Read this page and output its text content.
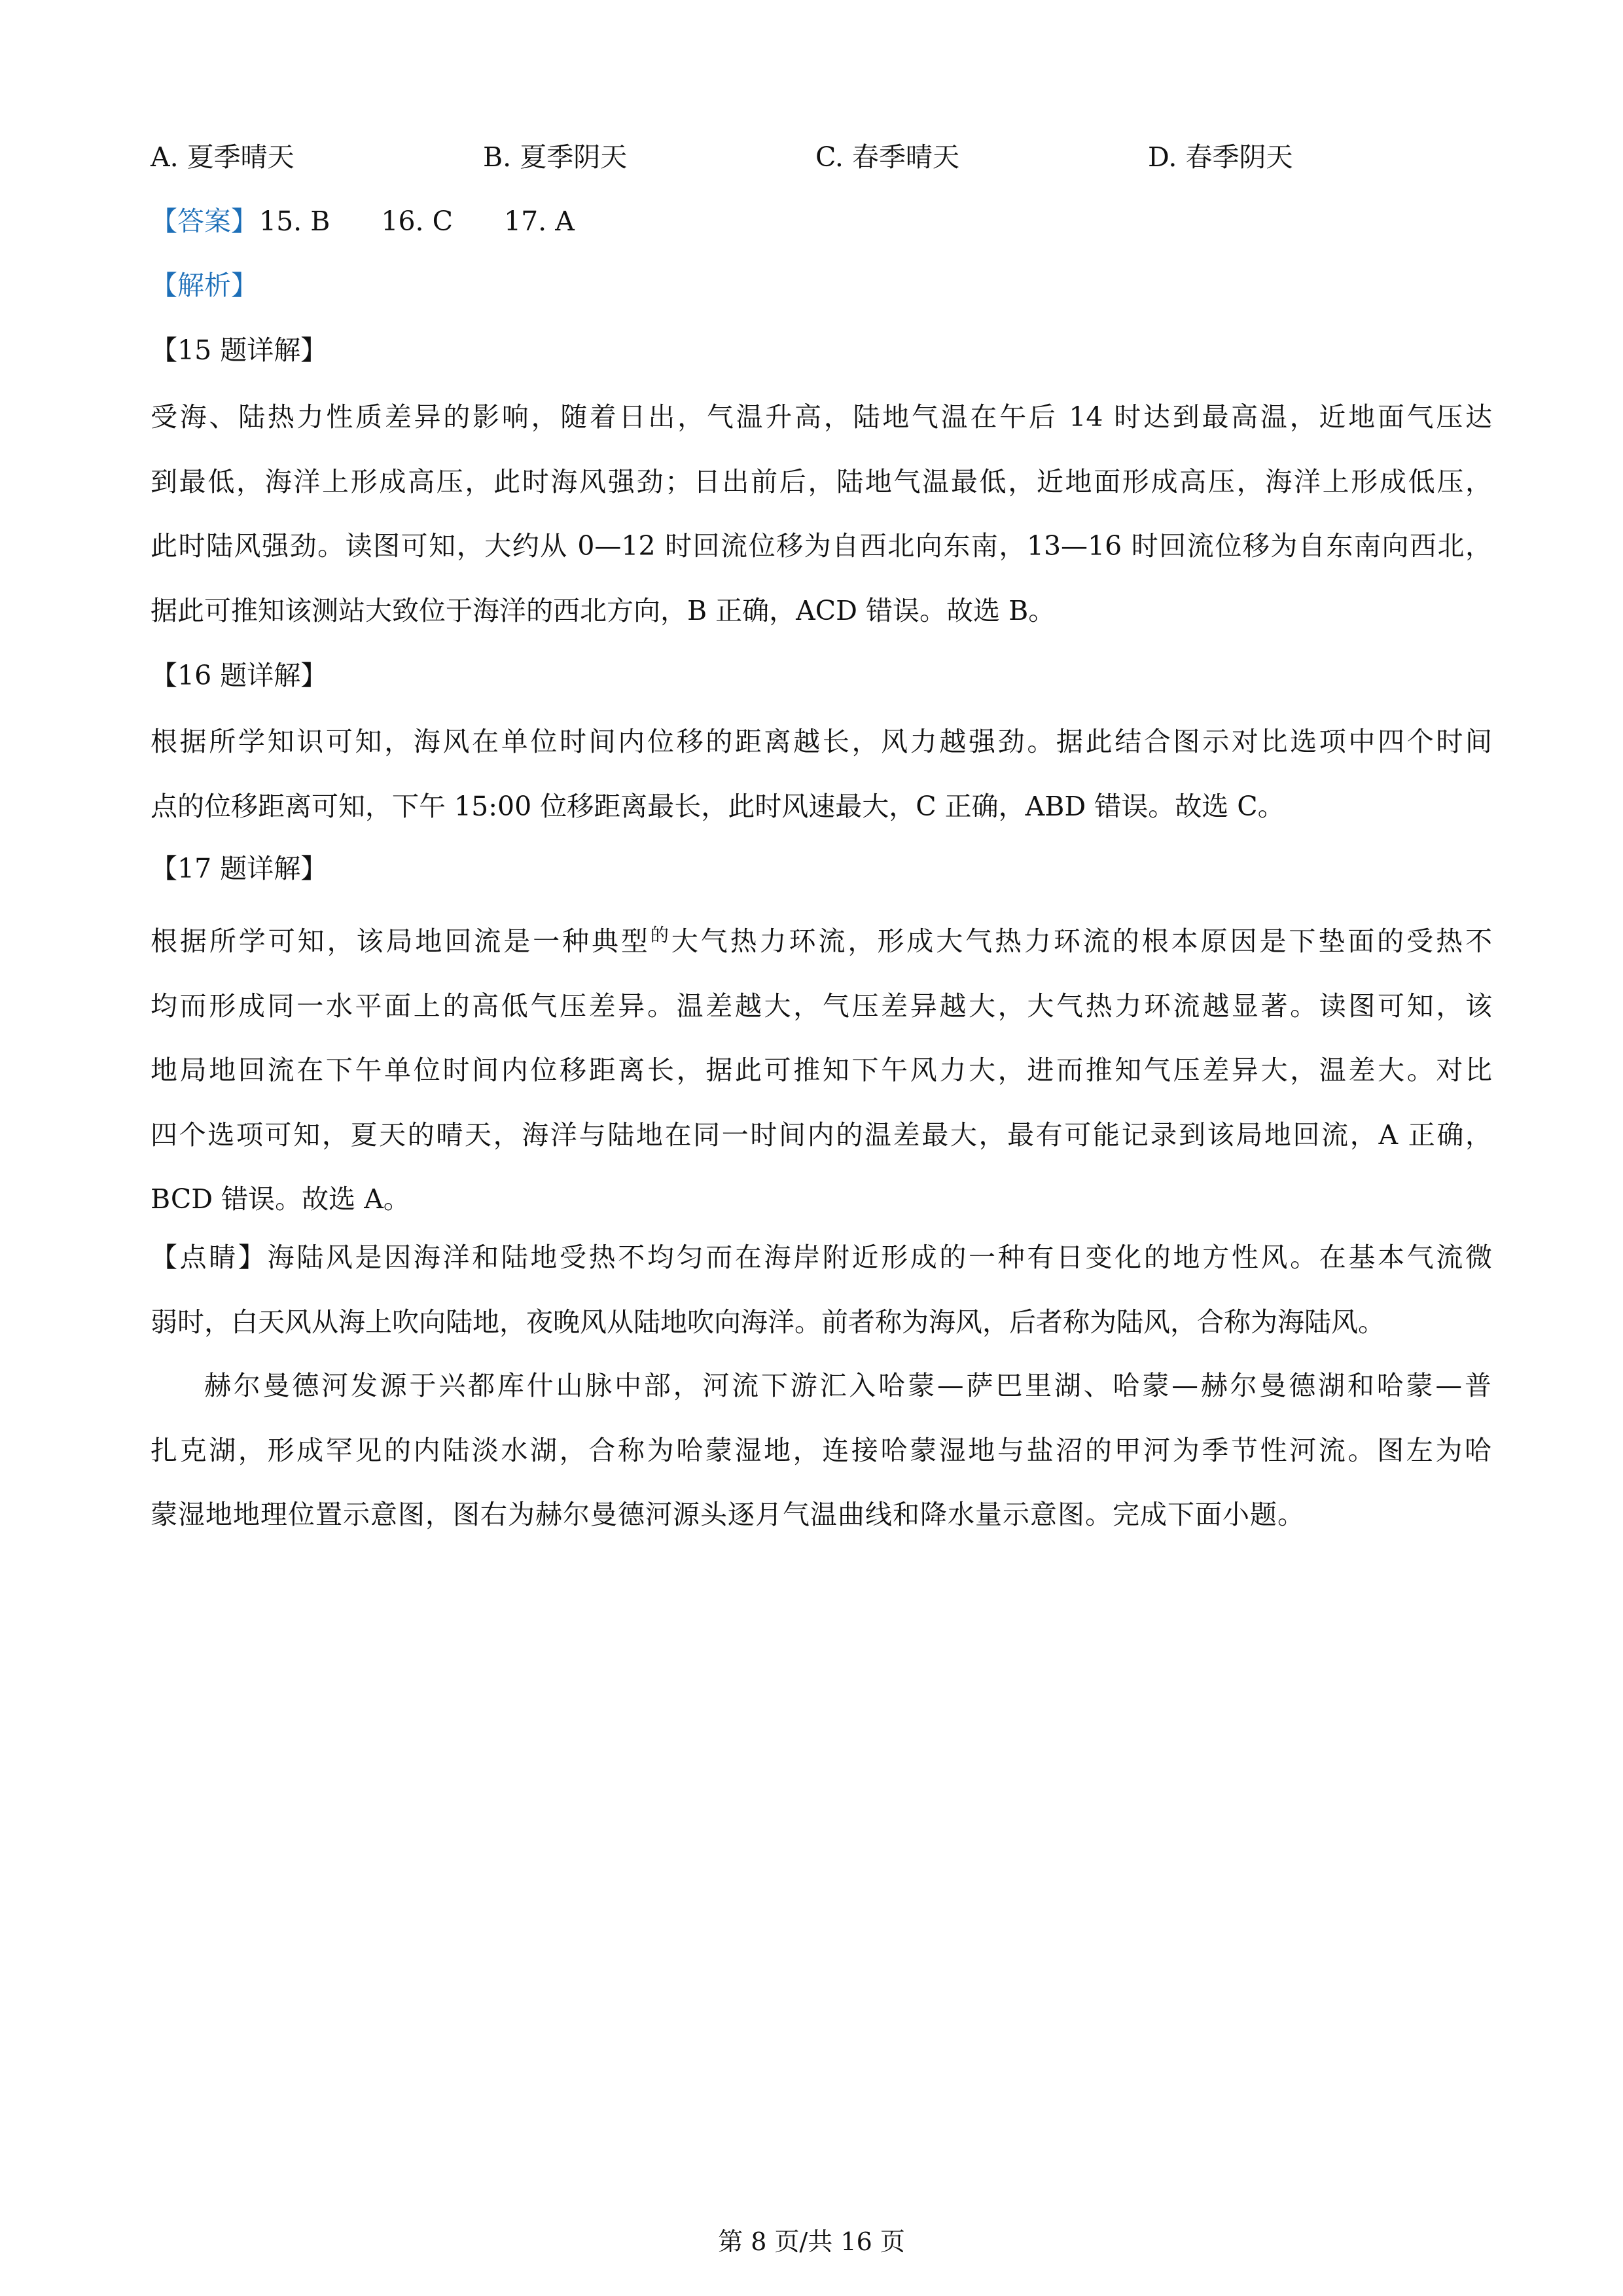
A. 夏季晴天	B. 夏季阴天	C. 春季晴天	D. 春季阴天
【答案】15. B 16. C 17. A
【解析】
【15 题详解】
受海、陆热力性质差异的影响，随着日出，气温升高，陆地气温在午后 14 时达到最高温，近地面气压达
到最低，海洋上形成高压，此时海风强劲；日出前后，陆地气温最低，近地面形成高压，海洋上形成低压，
此时陆风强劲。读图可知，大约从 0—12 时回流位移为自西北向东南，13—16 时回流位移为自东南向西北，
据此可推知该测站大致位于海洋的西北方向，B 正确，ACD 错误。故选 B。
【16 题详解】
根据所学知识可知，海风在单位时间内位移的距离越长，风力越强劲。据此结合图示对比选项中四个时间
点的位移距离可知，下午 15:00 位移距离最长，此时风速最大，C 正确，ABD 错误。故选 C。
【17 题详解】
根据所学可知，该局地回流是一种典型$^的$大气热力环流，形成大气热力环流的根本原因是下垫面的受热不
均而形成同一水平面上的高低气压差异。温差越大，气压差异越大，大气热力环流越显著。读图可知，该
地局地回流在下午单位时间内位移距离长，据此可推知下午风力大，进而推知气压差异大，温差大。对比
四个选项可知，夏天的晴天，海洋与陆地在同一时间内的温差最大，最有可能记录到该局地回流，A 正确，
BCD 错误。故选 A。
【点睛】海陆风是因海洋和陆地受热不均匀而在海岸附近形成的一种有日变化的地方性风。在基本气流微
弱时，白天风从海上吹向陆地，夜晚风从陆地吹向海洋。前者称为海风，后者称为陆风，合称为海陆风。
赫尔曼德河发源于兴都库什山脉中部，河流下游汇入哈蒙—萨巴里湖、哈蒙—赫尔曼德湖和哈蒙—普
扎克湖，形成罕见的内陆淡水湖，合称为哈蒙湿地，连接哈蒙湿地与盐沼的甲河为季节性河流。图左为哈
蒙湿地地理位置示意图，图右为赫尔曼德河源头逐月气温曲线和降水量示意图。完成下面小题。
第 8 页/共 16 页
